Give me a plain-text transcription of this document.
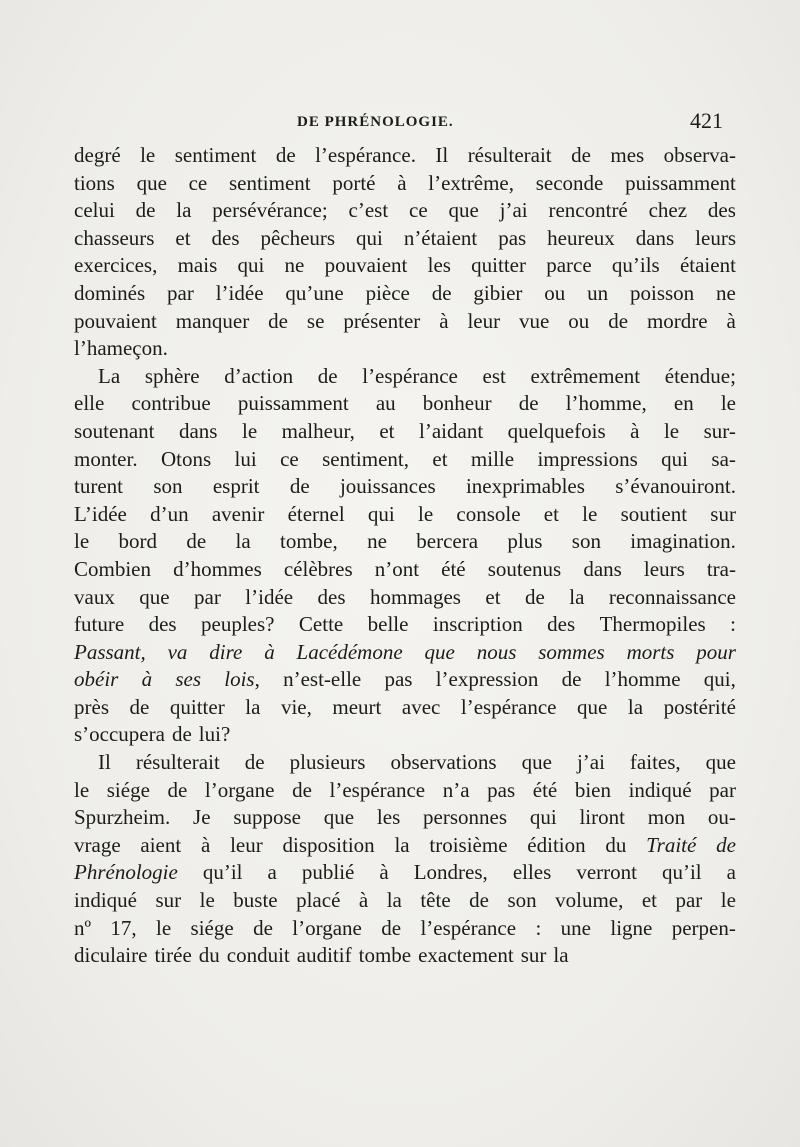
DE PHRÉNOLOGIE.	421
degré le sentiment de l’espérance. Il résulterait de mes observa-
tions que ce sentiment porté à l’extrême, seconde puissamment
celui de la persévérance; c’est ce que j’ai rencontré chez des
chasseurs et des pêcheurs qui n’étaient pas heureux dans leurs
exercices, mais qui ne pouvaient les quitter parce qu’ils étaient
dominés par l’idée qu’une pièce de gibier ou un poisson ne
pouvaient manquer de se présenter à leur vue ou de mordre à
l’hameçon.
La sphère d’action de l’espérance est extrêmement étendue;
elle contribue puissamment au bonheur de l’homme, en le
soutenant dans le malheur, et l’aidant quelquefois à le sur-
monter. Otons lui ce sentiment, et mille impressions qui sa-
turent son esprit de jouissances inexprimables s’évanouiront.
L’idée d’un avenir éternel qui le console et le soutient sur
le bord de la tombe, ne bercera plus son imagination.
Combien d’hommes célèbres n’ont été soutenus dans leurs tra-
vaux que par l’idée des hommages et de la reconnaissance
future des peuples? Cette belle inscription des Thermopiles :
Passant, va dire à Lacédémone que nous sommes morts pour
obéir à ses lois, n’est-elle pas l’expression de l’homme qui,
près de quitter la vie, meurt avec l’espérance que la postérité
s’occupera de lui?
Il résulterait de plusieurs observations que j’ai faites, que
le siége de l’organe de l’espérance n’a pas été bien indiqué par
Spurzheim. Je suppose que les personnes qui liront mon ou-
vrage aient à leur disposition la troisième édition du Traité de
Phrénologie qu’il a publié à Londres, elles verront qu’il a
indiqué sur le buste placé à la tête de son volume, et par le
nº 17, le siége de l’organe de l’espérance : une ligne perpen-
diculaire tirée du conduit auditif tombe exactement sur la
